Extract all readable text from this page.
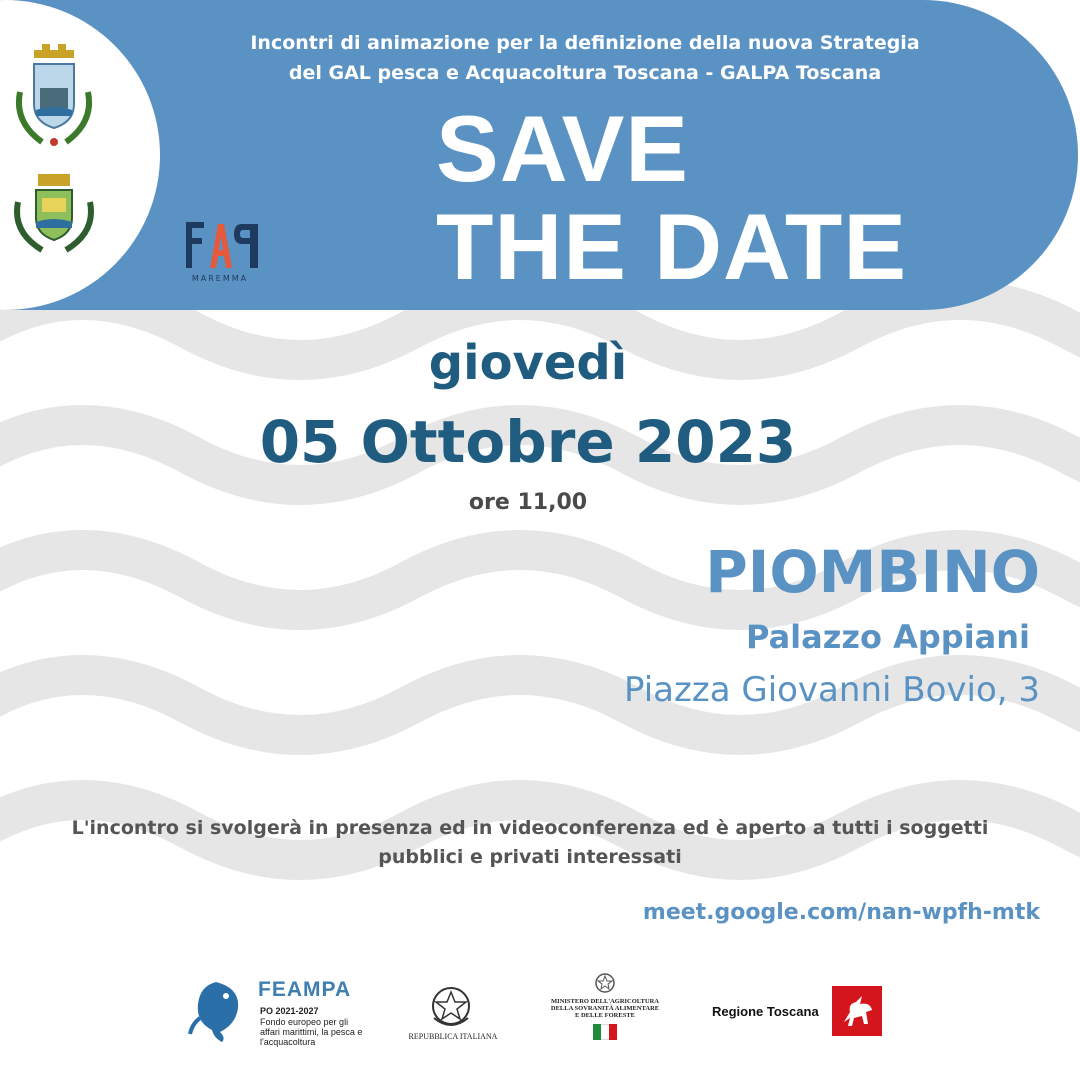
MAREMMA
Incontri di animazione per la definizione della nuova Strategia
del GAL pesca e Acquacoltura Toscana - GALPA Toscana
SAVE
THE DATE
giovedì
05 Ottobre 2023
ore 11,00
PIOMBINO
Palazzo Appiani
Piazza Giovanni Bovio, 3
L'incontro si svolgerà in presenza ed in videoconferenza ed è aperto a tutti i soggetti
pubblici e privati interessati
meet.google.com/nan-wpfh-mtk
FEAMPA
PO 2021-2027
Fondo europeo per gli affari marittimi, la pesca e l'acquacoltura
REPUBBLICA ITALIANA
MINISTERO DELL'AGRICOLTURA DELLA SOVRANITÀ ALIMENTARE E DELLE FORESTE	Regione Toscana
